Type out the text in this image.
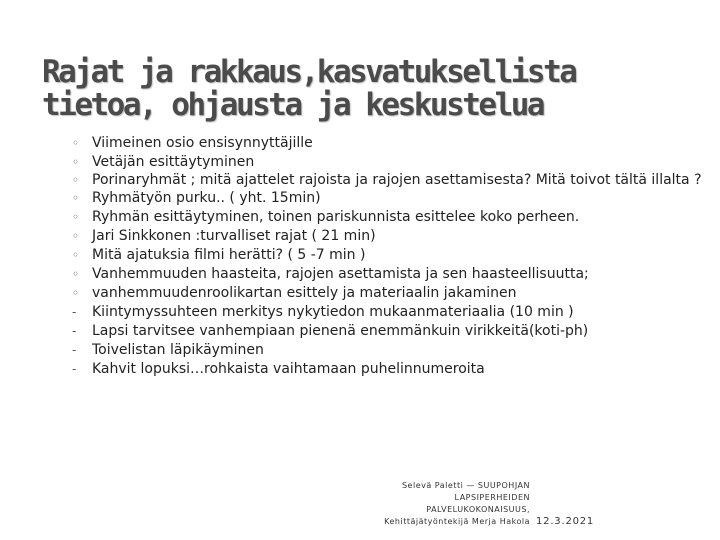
Rajat ja rakkaus,kasvatuksellista
tietoa, ohjausta ja keskustelua
◦
Viimeinen osio ensisynnyttäjille
◦
Vetäjän esittäytyminen
◦
Porinaryhmät ; mitä ajattelet rajoista ja rajojen asettamisesta? Mitä toivot tältä illalta ?
◦
Ryhmätyön purku.. ( yht. 15min)
◦
Ryhmän esittäytyminen, toinen pariskunnista esittelee koko perheen.
◦
Jari Sinkkonen :turvalliset rajat ( 21 min)
◦
Mitä ajatuksia filmi herätti? ( 5 -7 min )
◦
Vanhemmuuden haasteita, rajojen asettamista ja sen haasteellisuutta;
◦
vanhemmuudenroolikartan esittely ja materiaalin jakaminen
-
Kiintymyssuhteen merkitys nykytiedon mukaanmateriaalia (10 min )
-
Lapsi tarvitsee vanhempiaan pienenä enemmänkuin virikkeitä(koti-ph)
-
Toivelistan läpikäyminen
-
Kahvit lopuksi…rohkaista vaihtamaan puhelinnumeroita
Selevä Paletti — SUUPOHJAN
LAPSIPERHEIDEN
PALVELUKOKONAISUUS,
Kehittäjätyöntekijä Merja Hakola 12.3.2021
